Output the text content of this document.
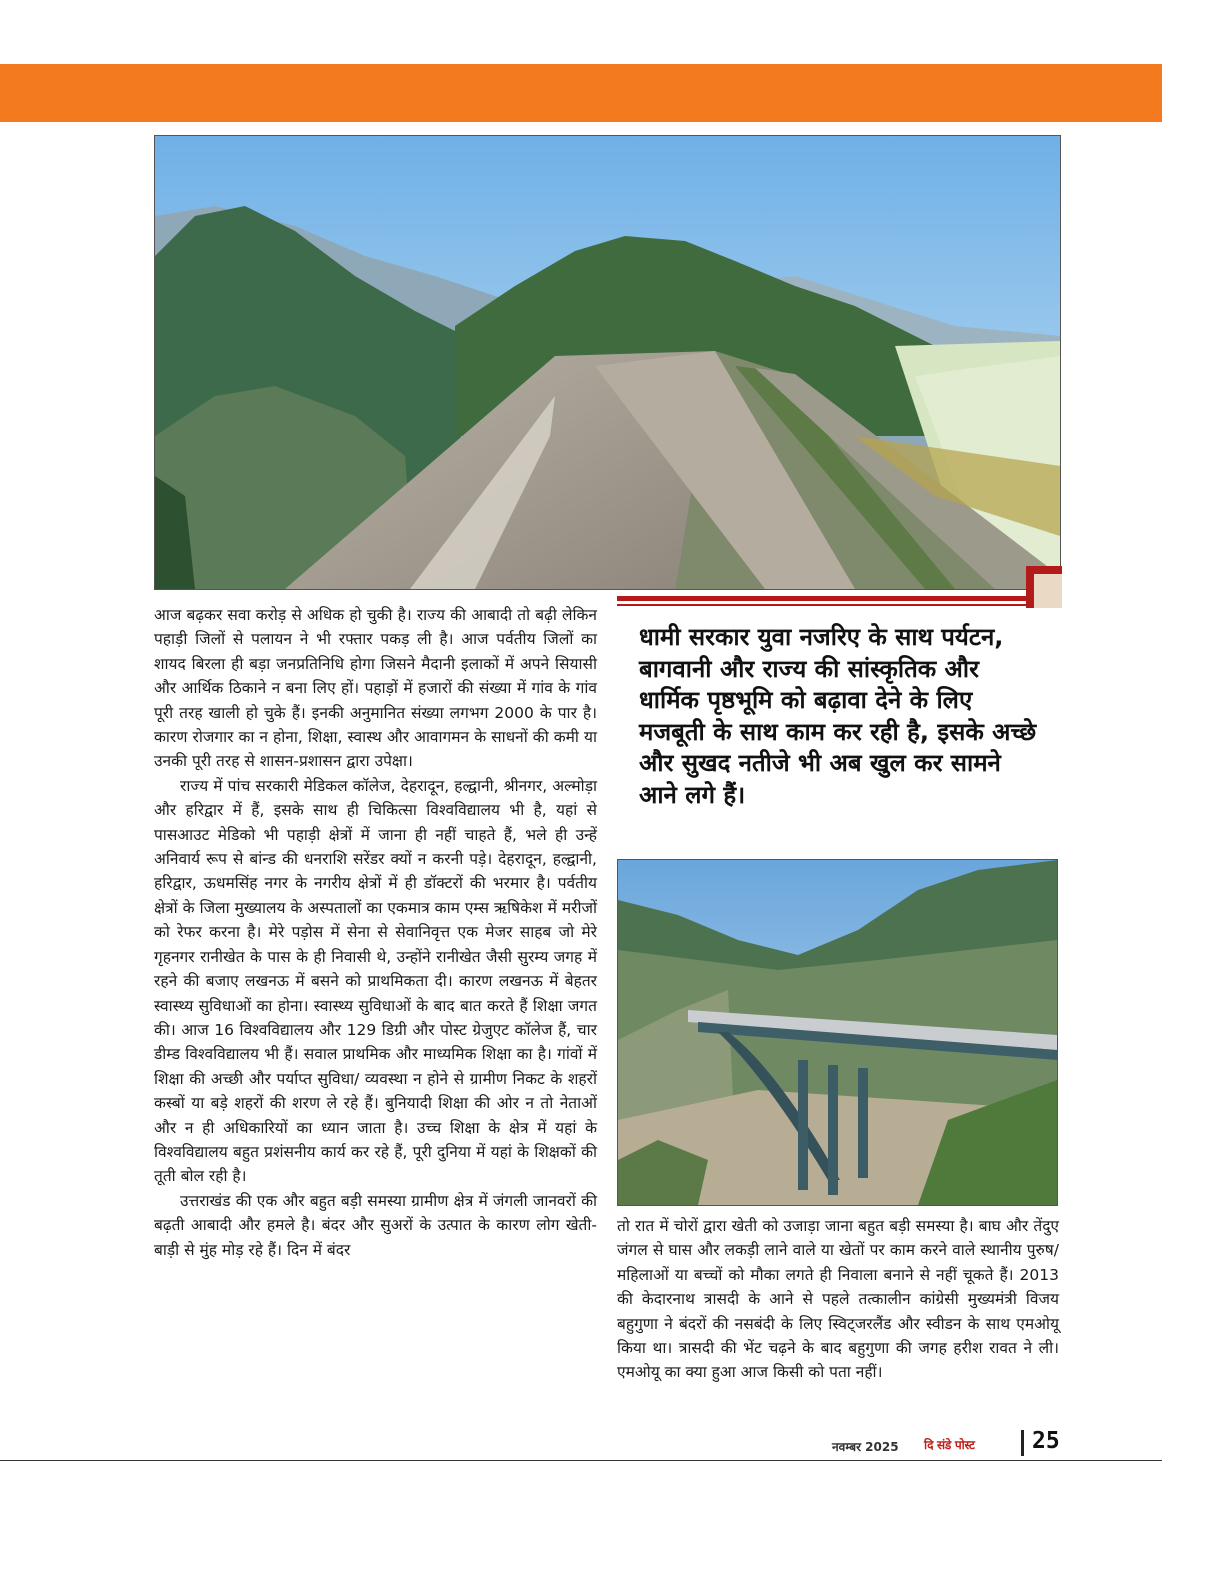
आज बढ़कर सवा करोड़ से अधिक हो चुकी है। राज्य की आबादी तो बढ़ी लेकिन पहाड़ी जिलों से पलायन ने भी रफ्तार पकड़ ली है। आज पर्वतीय जिलों का शायद बिरला ही बड़ा जनप्रतिनिधि होगा जिसने मैदानी इलाकों में अपने सियासी और आर्थिक ठिकाने न बना लिए हों। पहाड़ों में हजारों की संख्या में गांव के गांव पूरी तरह खाली हो चुके हैं। इनकी अनुमानित संख्या लगभग 2000 के पार है। कारण रोजगार का न होना, शिक्षा, स्वास्थ और आवागमन के साधनों की कमी या उनकी पूरी तरह से शासन-प्रशासन द्वारा उपेक्षा।

राज्य में पांच सरकारी मेडिकल कॉलेज, देहरादून, हल्द्वानी, श्रीनगर, अल्मोड़ा और हरिद्वार में हैं, इसके साथ ही चिकित्सा विश्वविद्यालय भी है, यहां से पासआउट मेडिको भी पहाड़ी क्षेत्रों में जाना ही नहीं चाहते हैं, भले ही उन्हें अनिवार्य रूप से बांन्ड की धनराशि सरेंडर क्यों न करनी पड़े। देहरादून, हल्द्वानी, हरिद्वार, ऊधमसिंह नगर के नगरीय क्षेत्रों में ही डॉक्टरों की भरमार है। पर्वतीय क्षेत्रों के जिला मुख्यालय के अस्पतालों का एकमात्र काम एम्स ऋषिकेश में मरीजों को रेफर करना है। मेरे पड़ोस में सेना से सेवानिवृत्त एक मेजर साहब जो मेरे गृहनगर रानीखेत के पास के ही निवासी थे, उन्होंने रानीखेत जैसी सुरम्य जगह में रहने की बजाए लखनऊ में बसने को प्राथमिकता दी। कारण लखनऊ में बेहतर स्वास्थ्य सुविधाओं का होना। स्वास्थ्य सुविधाओं के बाद बात करते हैं शिक्षा जगत की। आज 16 विश्वविद्यालय और 129 डिग्री और पोस्ट ग्रेजुएट कॉलेज हैं, चार डीम्ड विश्वविद्यालय भी हैं। सवाल प्राथमिक और माध्यमिक शिक्षा का है। गांवों में शिक्षा की अच्छी और पर्याप्त सुविधा/ व्यवस्था न होने से ग्रामीण निकट के शहरों कस्बों या बड़े शहरों की शरण ले रहे हैं। बुनियादी शिक्षा की ओर न तो नेताओं और न ही अधिकारियों का ध्यान जाता है। उच्च शिक्षा के क्षेत्र में यहां के विश्वविद्यालय बहुत प्रशंसनीय कार्य कर रहे हैं, पूरी दुनिया में यहां के शिक्षकों की तूती बोल रही है।

उत्तराखंड की एक और बहुत बड़ी समस्या ग्रामीण क्षेत्र में जंगली जानवरों की बढ़ती आबादी और हमले है। बंदर और सुअरों के उत्पात के कारण लोग खेती-बाड़ी से मुंह मोड़ रहे हैं। दिन में बंदर

धामी सरकार युवा नजरिए के साथ पर्यटन, बागवानी और राज्य की सांस्कृतिक और धार्मिक पृष्ठभूमि को बढ़ावा देने के लिए मजबूती के साथ काम कर रही है, इसके अच्छे और सुखद नतीजे भी अब खुल कर सामने आने लगे हैं।

तो रात में चोरों द्वारा खेती को उजाड़ा जाना बहुत बड़ी समस्या है। बाघ और तेंदुए जंगल से घास और लकड़ी लाने वाले या खेतों पर काम करने वाले स्थानीय पुरुष/महिलाओं या बच्चों को मौका लगते ही निवाला बनाने से नहीं चूकते हैं। 2013 की केदारनाथ त्रासदी के आने से पहले तत्कालीन कांग्रेसी मुख्यमंत्री विजय बहुगुणा ने बंदरों की नसबंदी के लिए स्विट्जरलैंड और स्वीडन के साथ एमओयू किया था। त्रासदी की भेंट चढ़ने के बाद बहुगुणा की जगह हरीश रावत ने ली। एमओयू का क्या हुआ आज किसी को पता नहीं।

नवम्बर 2025 दि संडे पोस्ट 25
